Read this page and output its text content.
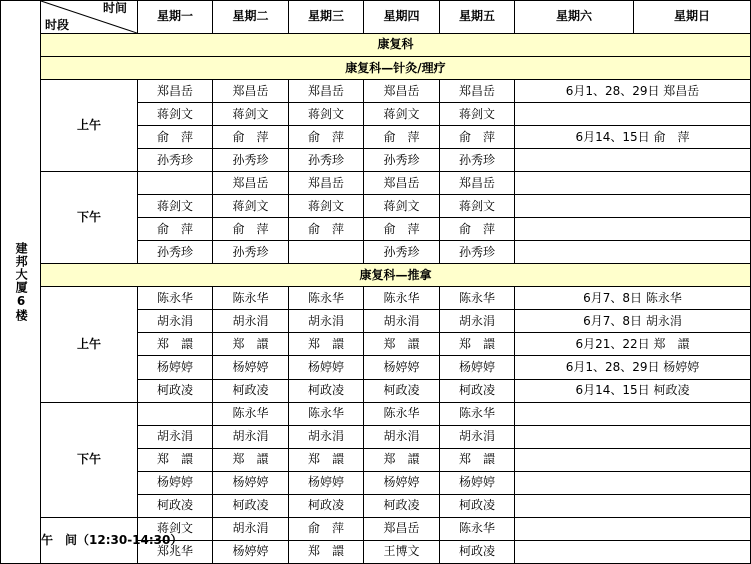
建邦大厦6楼	时间
时段	星期一	星期二	星期三	星期四	星期五	星期六	星期日
	康复科							
	康复科—针灸/理疗							
	上午	郑昌岳	郑昌岳	郑昌岳	郑昌岳	郑昌岳	6月1、28、29日 郑昌岳	
		蒋剑文	蒋剑文	蒋剑文	蒋剑文	蒋剑文		
		俞　萍	俞　萍	俞　萍	俞　萍	俞　萍	6月14、15日 俞　萍	
		孙秀珍	孙秀珍	孙秀珍	孙秀珍	孙秀珍		
	下午		郑昌岳	郑昌岳	郑昌岳	郑昌岳		
		蒋剑文	蒋剑文	蒋剑文	蒋剑文	蒋剑文		
		俞　萍	俞　萍	俞　萍	俞　萍	俞　萍		
		孙秀珍	孙秀珍		孙秀珍	孙秀珍		
	康复科—推拿							
	上午	陈永华	陈永华	陈永华	陈永华	陈永华	6月7、8日 陈永华	
		胡永涓	胡永涓	胡永涓	胡永涓	胡永涓	6月7、8日 胡永涓	
		郑　譞	郑　譞	郑　譞	郑　譞	郑　譞	6月21、22日 郑　譞	
		杨婷婷	杨婷婷	杨婷婷	杨婷婷	杨婷婷	6月1、28、29日 杨婷婷	
		柯政凌	柯政凌	柯政凌	柯政凌	柯政凌	6月14、15日 柯政凌	
	下午		陈永华	陈永华	陈永华	陈永华		
		胡永涓	胡永涓	胡永涓	胡永涓	胡永涓		
		郑　譞	郑　譞	郑　譞	郑　譞	郑　譞		
		杨婷婷	杨婷婷	杨婷婷	杨婷婷	杨婷婷		
		柯政凌	柯政凌	柯政凌	柯政凌	柯政凌		
	午　间（12:30-14:30）	蒋剑文	胡永涓	俞　萍	郑昌岳	陈永华		
		郑兆华	杨婷婷	郑　譞	王博文	柯政凌		
